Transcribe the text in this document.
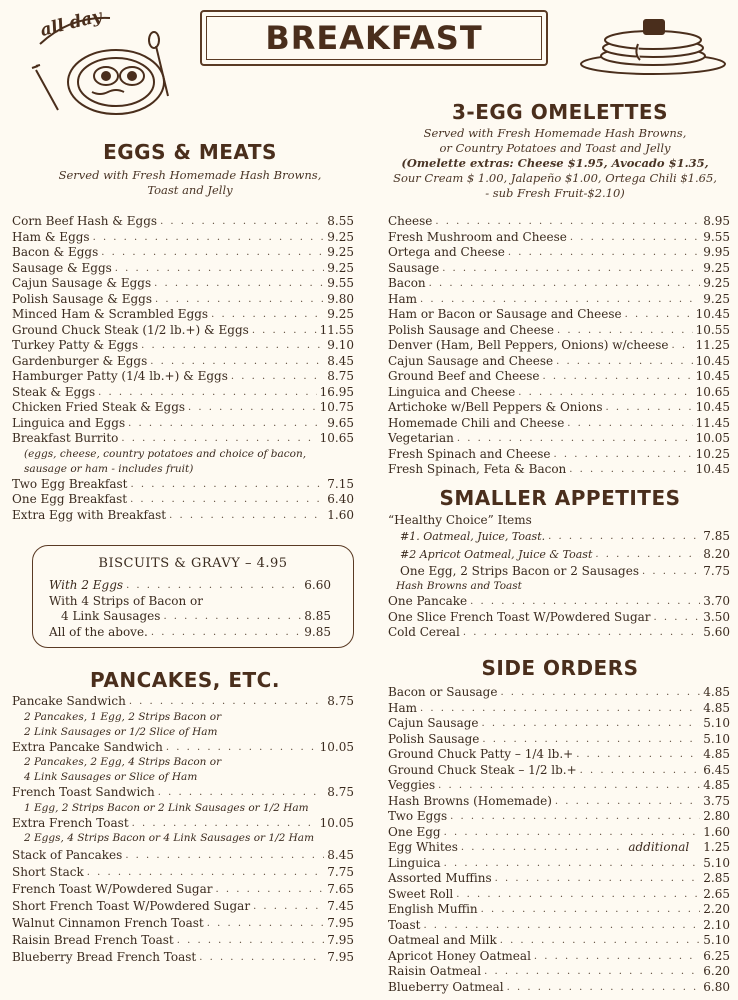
all day	BREAKFAST
EGGS & MEATS
Served with Fresh Homemade Hash Browns,
Toast and Jelly
Corn Beef Hash & Eggs . . .	8.55
Ham & Eggs . . .	9.25
Bacon & Eggs . . .	9.25
Sausage & Eggs . . .	9.25
Cajun Sausage & Eggs . . .	9.55
Polish Sausage & Eggs . . .	9.80
Minced Ham & Scrambled Eggs . . .	9.25
Ground Chuck Steak (1/2 lb.+) & Eggs . . .	11.55
Turkey Patty & Eggs . . .	9.10
Gardenburger & Eggs . . .	8.45
Hamburger Patty (1/4 lb.+) & Eggs . . .	8.75
Steak & Eggs . . .	16.95
Chicken Fried Steak & Eggs . . .	10.75
Linguica and Eggs . . .	9.65
Breakfast Burrito . . .	10.65
(eggs, cheese, country potatoes and choice of bacon,
sausage or ham - includes fruit)
Two Egg Breakfast . . .	7.15
One Egg Breakfast . . .	6.40
Extra Egg with Breakfast . . .	1.60
BISCUITS & GRAVY – 4.95
With 2 Eggs . . .	6.60
With 4 Strips of Bacon or
4 Link Sausages . . .	8.85
All of the above. . . .	9.85
PANCAKES, ETC.
Pancake Sandwich . . .	8.75
2 Pancakes, 1 Egg, 2 Strips Bacon or
2 Link Sausages or 1/2 Slice of Ham
Extra Pancake Sandwich . . .	10.05
2 Pancakes, 2 Egg, 4 Strips Bacon or
4 Link Sausages or Slice of Ham
French Toast Sandwich . . .	8.75
1 Egg, 2 Strips Bacon or 2 Link Sausages or 1/2 Ham
Extra French Toast . . .	10.05
2 Eggs, 4 Strips Bacon or 4 Link Sausages or 1/2 Ham
Stack of Pancakes . . .	8.45
Short Stack . . .	7.75
French Toast W/Powdered Sugar . . .	7.65
Short French Toast W/Powdered Sugar . . .	7.45
Walnut Cinnamon French Toast . . .	7.95
Raisin Bread French Toast . . .	7.95
Blueberry Bread French Toast . . .	7.95
3-EGG OMELETTES
Served with Fresh Homemade Hash Browns,
or Country Potatoes and Toast and Jelly
(Omelette extras: Cheese $1.95, Avocado $1.35,
Sour Cream $ 1.00, Jalapeño $1.00, Ortega Chili $1.65,
- sub Fresh Fruit-$2.10)
Cheese . . .	8.95
Fresh Mushroom and Cheese . . .	9.55
Ortega and Cheese . . .	9.95
Sausage . . .	9.25
Bacon . . .	9.25
Ham . . .	9.25
Ham or Bacon or Sausage and Cheese . . .	10.45
Polish Sausage and Cheese . . .	10.55
Denver (Ham, Bell Peppers, Onions) w/cheese . . . 11.25
Cajun Sausage and Cheese . . .	10.45
Ground Beef and Cheese . . .	10.45
Linguica and Cheese . . .	10.65
Artichoke w/Bell Peppers & Onions . . .	10.45
Homemade Chili and Cheese . . .	11.45
Vegetarian . . .	10.05
Fresh Spinach and Cheese . . .	10.25
Fresh Spinach, Feta & Bacon . . .	10.45
SMALLER APPETITES
“Healthy Choice” Items
#1. Oatmeal, Juice, Toast. . . .	7.85
#2 Apricot Oatmeal, Juice & Toast . . .	8.20
One Egg, 2 Strips Bacon or 2 Sausages . . .	7.75
Hash Browns and Toast
One Pancake . . .	3.70
One Slice French Toast W/Powdered Sugar . . .	3.50
Cold Cereal . . .	5.60
SIDE ORDERS
Bacon or Sausage . . .	4.85
Ham . . .	4.85
Cajun Sausage . . .	5.10
Polish Sausage . . .	5.10
Ground Chuck Patty – 1/4 lb.+ . . .	4.85
Ground Chuck Steak – 1/2 lb.+ . . .	6.45
Veggies . . .	4.85
Hash Browns (Homemade) . . .	3.75
Two Eggs . . .	2.80
One Egg . . .	1.60
Egg Whites . . .	additional 1.25
Linguica . . .	5.10
Assorted Muffins . . .	2.85
Sweet Roll . . .	2.65
English Muffin . . .	2.20
Toast . . .	2.10
Oatmeal and Milk . . .	5.10
Apricot Honey Oatmeal . . .	6.25
Raisin Oatmeal . . .	6.20
Blueberry Oatmeal . . .	6.80
